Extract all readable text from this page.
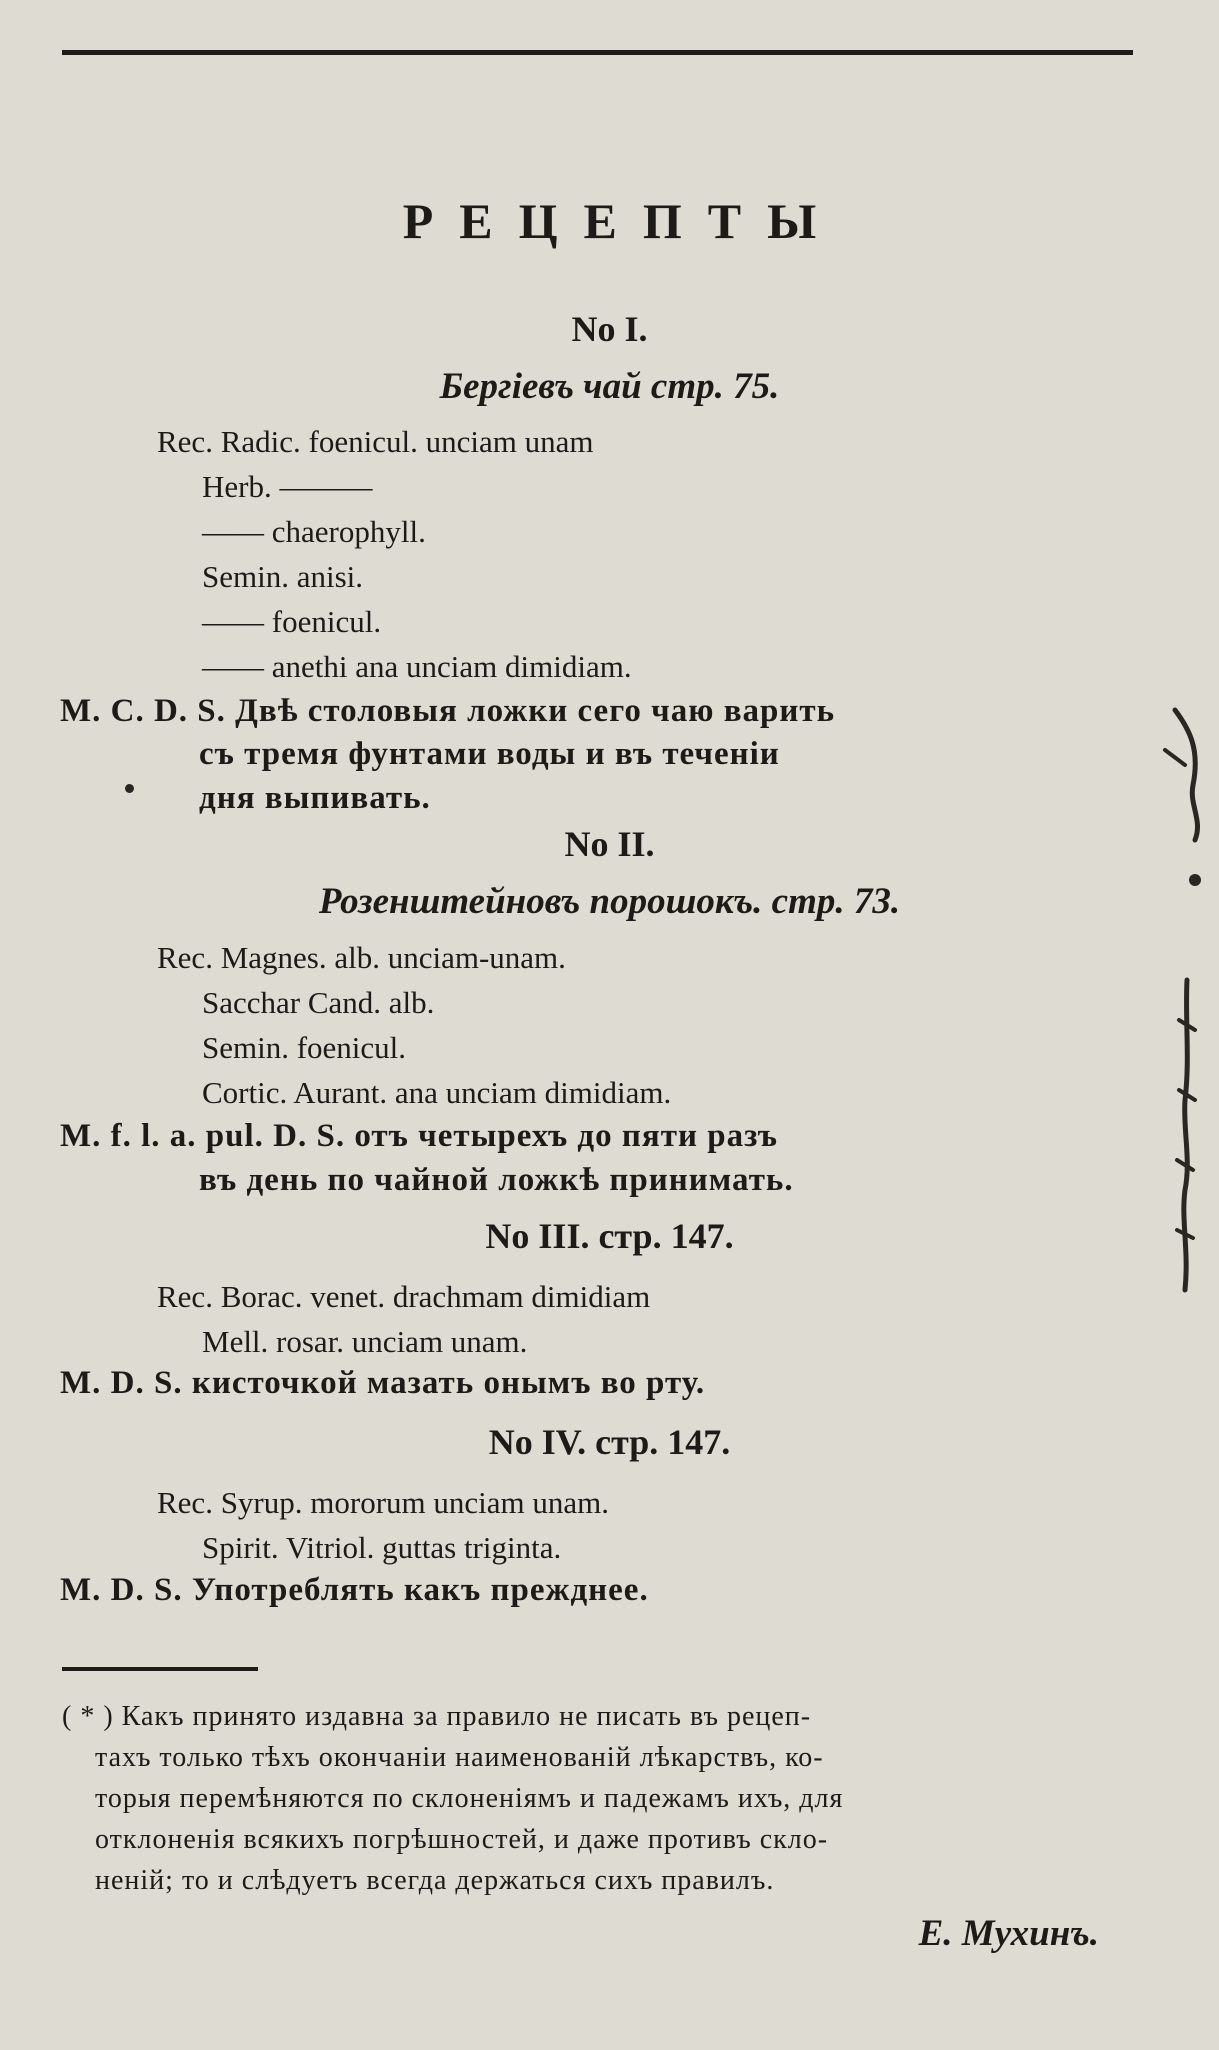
РЕЦЕПТЫ
No I.
Бергіевъ чай стр. 75.
Rec. Radic. foenicul. unciam unam
Herb. ———
—— chaerophyll.
Semin. anisi.
—— foenicul.
—— anethi ana unciam dimidiam.
M. C. D. S. Двѣ столовыя ложки сего чаю варить
съ тремя фунтами воды и въ теченіи
дня выпивать.
No II.
Розенштейновъ порошокъ. стр. 73.
Rec. Magnes. alb. unciam-unam.
Sacchar Cand. alb.
Semin. foenicul.
Cortic. Aurant. ana unciam dimidiam.
M. f. l. a. pul. D. S. отъ четырехъ до пяти разъ
въ день по чайной ложкѣ принимать.
No III. стр. 147.
Rec. Borac. venet. drachmam dimidiam
Mell. rosar. unciam unam.
M. D. S. кисточкой мазать онымъ во рту.
No IV. стр. 147.
Rec. Syrup. mororum unciam unam.
Spirit. Vitriol. guttas triginta.
M. D. S. Употреблять какъ прежднее.
( * ) Какъ принято издавна за правило не писать въ рецеп-
тахъ только тѣхъ окончаніи наименованій лѣкарствъ, ко-
торыя перемѣняются по склоненіямъ и падежамъ ихъ, для
отклоненія всякихъ погрѣшностей, и даже противъ скло-
неній; то и слѣдуетъ всегда держаться сихъ правилъ.
Е. Мухинъ.
